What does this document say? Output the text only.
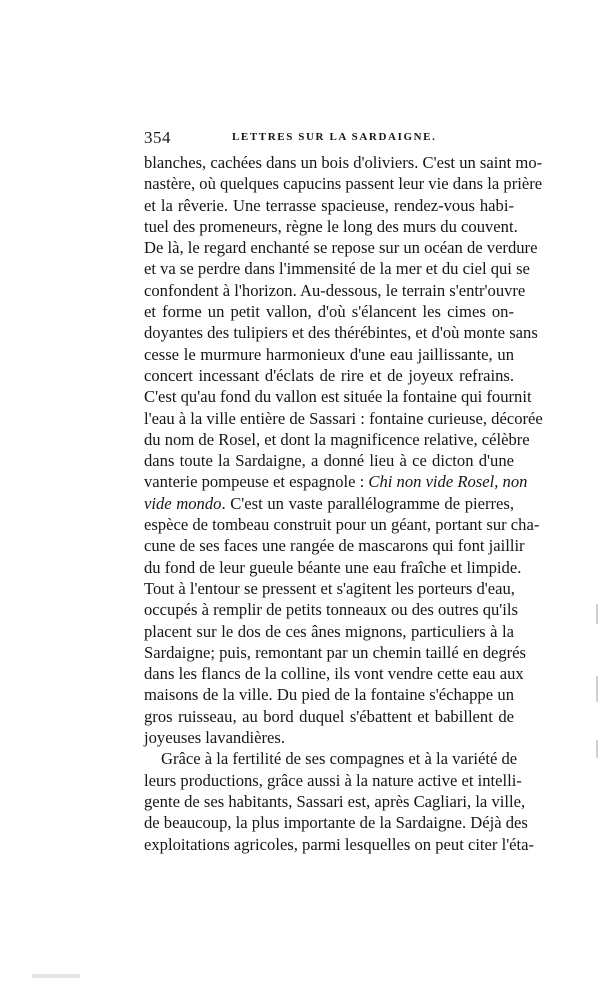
354	LETTRES SUR LA SARDAIGNE.
blanches, cachées dans un bois d'oliviers. C'est un saint mo-
nastère, où quelques capucins passent leur vie dans la prière
et la rêverie. Une terrasse spacieuse, rendez-vous habi-
tuel des promeneurs, règne le long des murs du couvent.
De là, le regard enchanté se repose sur un océan de verdure
et va se perdre dans l'immensité de la mer et du ciel qui se
confondent à l'horizon. Au-dessous, le terrain s'entr'ouvre
et forme un petit vallon, d'où s'élancent les cimes on-
doyantes des tulipiers et des thérébintes, et d'où monte sans
cesse le murmure harmonieux d'une eau jaillissante, un
concert incessant d'éclats de rire et de joyeux refrains.
C'est qu'au fond du vallon est située la fontaine qui fournit
l'eau à la ville entière de Sassari : fontaine curieuse, décorée
du nom de Rosel, et dont la magnificence relative, célèbre
dans toute la Sardaigne, a donné lieu à ce dicton d'une
vanterie pompeuse et espagnole : Chi non vide Rosel, non
vide mondo. C'est un vaste parallélogramme de pierres,
espèce de tombeau construit pour un géant, portant sur cha-
cune de ses faces une rangée de mascarons qui font jaillir
du fond de leur gueule béante une eau fraîche et limpide.
Tout à l'entour se pressent et s'agitent les porteurs d'eau,
occupés à remplir de petits tonneaux ou des outres qu'ils
placent sur le dos de ces ânes mignons, particuliers à la
Sardaigne; puis, remontant par un chemin taillé en degrés
dans les flancs de la colline, ils vont vendre cette eau aux
maisons de la ville. Du pied de la fontaine s'échappe un
gros ruisseau, au bord duquel s'ébattent et babillent de
joyeuses lavandières.
Grâce à la fertilité de ses compagnes et à la variété de
leurs productions, grâce aussi à la nature active et intelli-
gente de ses habitants, Sassari est, après Cagliari, la ville,
de beaucoup, la plus importante de la Sardaigne. Déjà des
exploitations agricoles, parmi lesquelles on peut citer l'éta-
